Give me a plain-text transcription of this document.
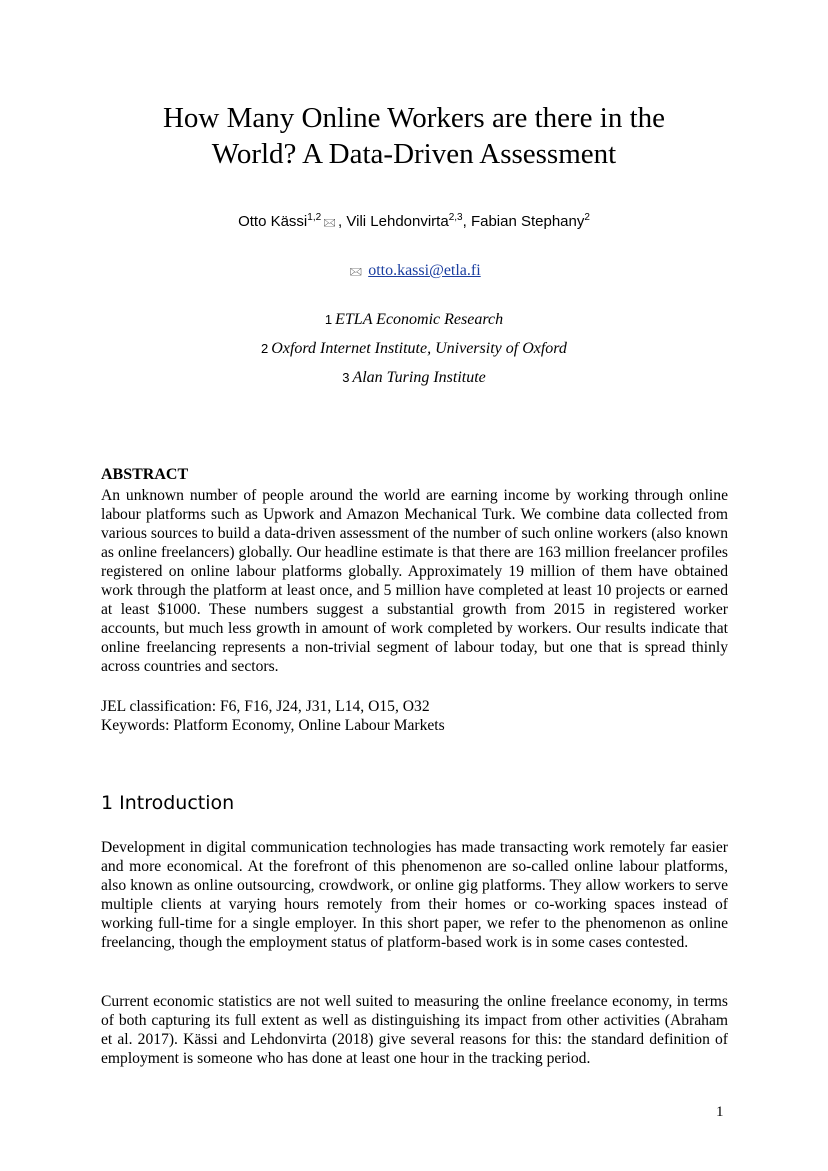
How Many Online Workers are there in the
World? A Data-Driven Assessment
Otto Kässi$^{1,2}$ 🖂 , Vili Lehdonvirta$^{2,3}$, Fabian Stephany$^2$
🖂 otto.kassi@etla.fi
1 ETLA Economic Research
2 Oxford Internet Institute, University of Oxford
3 Alan Turing Institute
ABSTRACT
An unknown number of people around the world are earning income by working through online labour platforms such as Upwork and Amazon Mechanical Turk. We combine data collected from various sources to build a data-driven assessment of the number of such online workers (also known as online freelancers) globally. Our headline estimate is that there are 163 million freelancer profiles registered on online labour platforms globally. Approximately 19 million of them have obtained work through the platform at least once, and 5 million have completed at least 10 projects or earned at least $1000. These numbers suggest a substantial growth from 2015 in registered worker accounts, but much less growth in amount of work completed by workers. Our results indicate that online freelancing represents a non-trivial segment of labour today, but one that is spread thinly across countries and sectors.
JEL classification: F6, F16, J24, J31, L14, O15, O32
Keywords: Platform Economy, Online Labour Markets
1 Introduction
Development in digital communication technologies has made transacting work remotely far easier and more economical. At the forefront of this phenomenon are so-called online labour platforms, also known as online outsourcing, crowdwork, or online gig platforms. They allow workers to serve multiple clients at varying hours remotely from their homes or co-working spaces instead of working full-time for a single employer. In this short paper, we refer to the phenomenon as online freelancing, though the employment status of platform-based work is in some cases contested.
Current economic statistics are not well suited to measuring the online freelance economy, in terms of both capturing its full extent as well as distinguishing its impact from other activities (Abraham et al. 2017). Kässi and Lehdonvirta (2018) give several reasons for this: the standard definition of employment is someone who has done at least one hour in the tracking period.
1
